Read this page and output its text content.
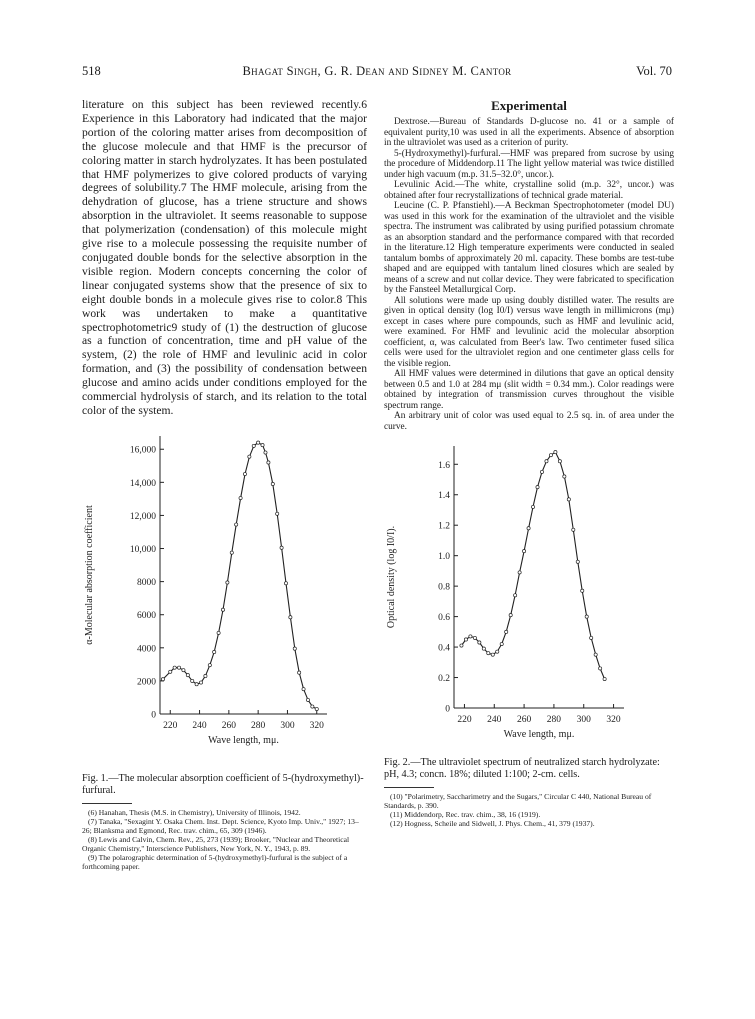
518	Bhagat Singh, G. R. Dean and Sidney M. Cantor	Vol. 70

literature on this subject has been reviewed recently.6 Experience in this Laboratory had indicated that the major portion of the coloring matter arises from decomposition of the glucose molecule and that HMF is the precursor of coloring matter in starch hydrolyzates. It has been postulated that HMF polymerizes to give colored products of varying degrees of solubility.7 The HMF molecule, arising from the dehydration of glucose, has a triene structure and shows absorption in the ultraviolet. It seems reasonable to suppose that polymerization (condensation) of this molecule might give rise to a molecule possessing the requisite number of conjugated double bonds for the selective absorption in the visible region. Modern concepts concerning the color of linear conjugated systems show that the presence of six to eight double bonds in a molecule gives rise to color.8 This work was undertaken to make a quantitative spectrophotometric9 study of (1) the destruction of glucose as a function of concentration, time and pH value of the system, (2) the role of HMF and levulinic acid in color formation, and (3) the possibility of condensation between glucose and amino acids under conditions employed for the commercial hydrolysis of starch, and its relation to the total color of the system.

0
2000
4000
6000
8000
10,000
12,000
14,000
16,000
220 240 260 280 300 320
Wave length, mμ.
α-Molecular absorption coefficient

Fig. 1.—The molecular absorption coefficient of 5-(hydroxymethyl)-furfural.

(6) Hanahan, Thesis (M.S. in Chemistry), University of Illinois, 1942.

(7) Tanaka, "Sexagint Y. Osaka Chem. Inst. Dept. Science, Kyoto Imp. Univ.," 1927; 13–26; Blanksma and Egmond, Rec. trav. chim., 65, 309 (1946).

(8) Lewis and Calvin, Chem. Rev., 25, 273 (1939); Brooker, "Nuclear and Theoretical Organic Chemistry," Interscience Publishers, New York, N. Y., 1943, p. 89.

(9) The polarographic determination of 5-(hydroxymethyl)-furfural is the subject of a forthcoming paper.

Experimental

Dextrose.—Bureau of Standards D-glucose no. 41 or a sample of equivalent purity,10 was used in all the experiments. Absence of absorption in the ultraviolet was used as a criterion of purity.

5-(Hydroxymethyl)-furfural.—HMF was prepared from sucrose by using the procedure of Middendorp.11 The light yellow material was twice distilled under high vacuum (m.p. 31.5–32.0°, uncor.).

Levulinic Acid.—The white, crystalline solid (m.p. 32°, uncor.) was obtained after four recrystallizations of technical grade material.

Leucine (C. P. Pfanstiehl).—A Beckman Spectrophotometer (model DU) was used in this work for the examination of the ultraviolet and the visible spectra. The instrument was calibrated by using purified potassium chromate as an absorption standard and the performance compared with that recorded in the literature.12 High temperature experiments were conducted in sealed tantalum bombs of approximately 20 ml. capacity. These bombs are test-tube shaped and are equipped with tantalum lined closures which are sealed by means of a screw and nut collar device. They were fabricated to specification by the Fansteel Metallurgical Corp.

All solutions were made up using doubly distilled water. The results are given in optical density (log I0/I) versus wave length in millimicrons (mμ) except in cases where pure compounds, such as HMF and levulinic acid, were examined. For HMF and levulinic acid the molecular absorption coefficient, α, was calculated from Beer's law. Two centimeter fused silica cells were used for the ultraviolet region and one centimeter glass cells for the visible region.

All HMF values were determined in dilutions that gave an optical density between 0.5 and 1.0 at 284 mμ (slit width = 0.34 mm.). Color readings were obtained by integration of transmission curves throughout the visible spectrum range.

An arbitrary unit of color was used equal to 2.5 sq. in. of area under the curve.

0
0.2
0.4
0.6
0.8
1.0
1.2
1.4
1.6
220 240 260 280 300 320
Wave length, mμ.
Optical density (log I0/I).

Fig. 2.—The ultraviolet spectrum of neutralized starch hydrolyzate: pH, 4.3; concn. 18%; diluted 1:100; 2-cm. cells.

(10) "Polarimetry, Saccharimetry and the Sugars," Circular C 440, National Bureau of Standards, p. 390.

(11) Middendorp, Rec. trav. chim., 38, 16 (1919).

(12) Hogness, Scheile and Sidwell, J. Phys. Chem., 41, 379 (1937).
